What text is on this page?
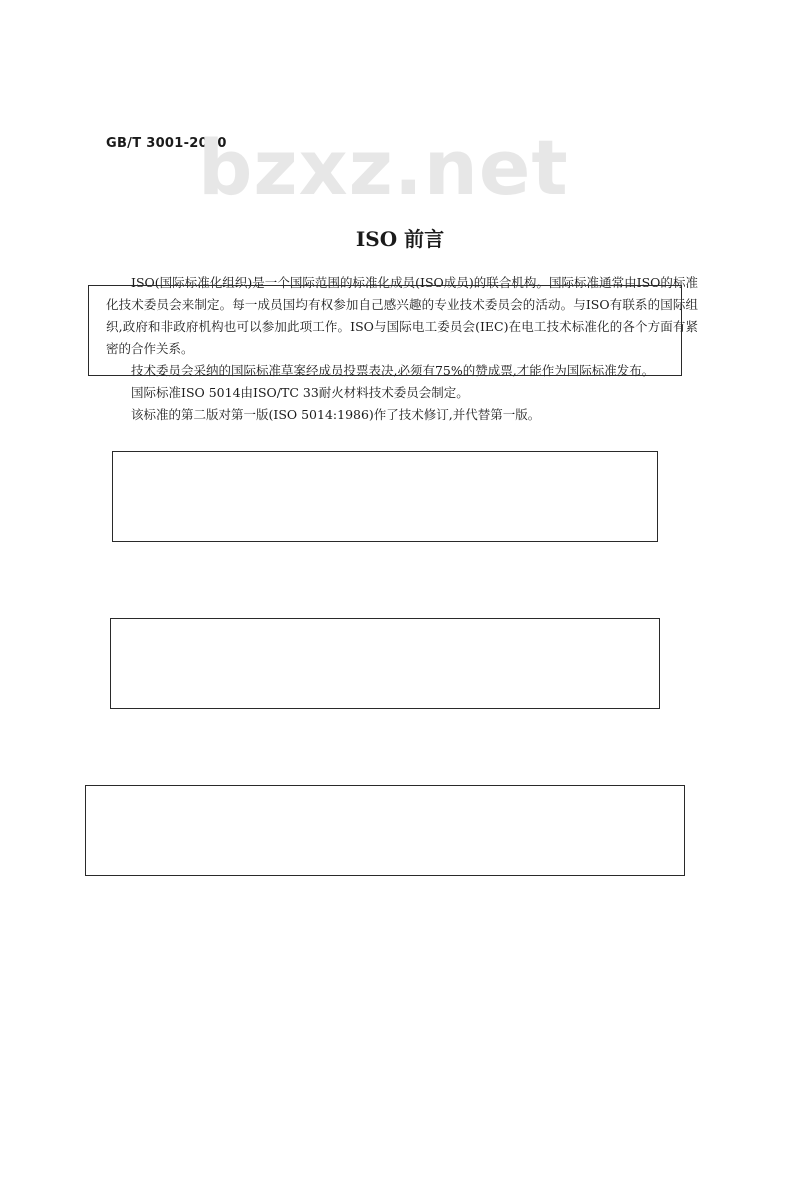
GB/T 3001-2000
bzxz.net
ISO 前言

ISO(国际标准化组织)是一个国际范围的标准化成员(ISO成员)的联合机构。国际标准通常由ISO的标准化技术委员会来制定。每一成员国均有权参加自己感兴趣的专业技术委员会的活动。与ISO有联系的国际组织,政府和非政府机构也可以参加此项工作。ISO与国际电工委员会(IEC)在电工技术标准化的各个方面有紧密的合作关系。

技术委员会采纳的国际标准草案经成员投票表决,必须有75%的赞成票,才能作为国际标准发布。

国际标准ISO 5014由ISO/TC 33耐火材料技术委员会制定。

该标准的第二版对第一版(ISO 5014:1986)作了技术修订,并代替第一版。
